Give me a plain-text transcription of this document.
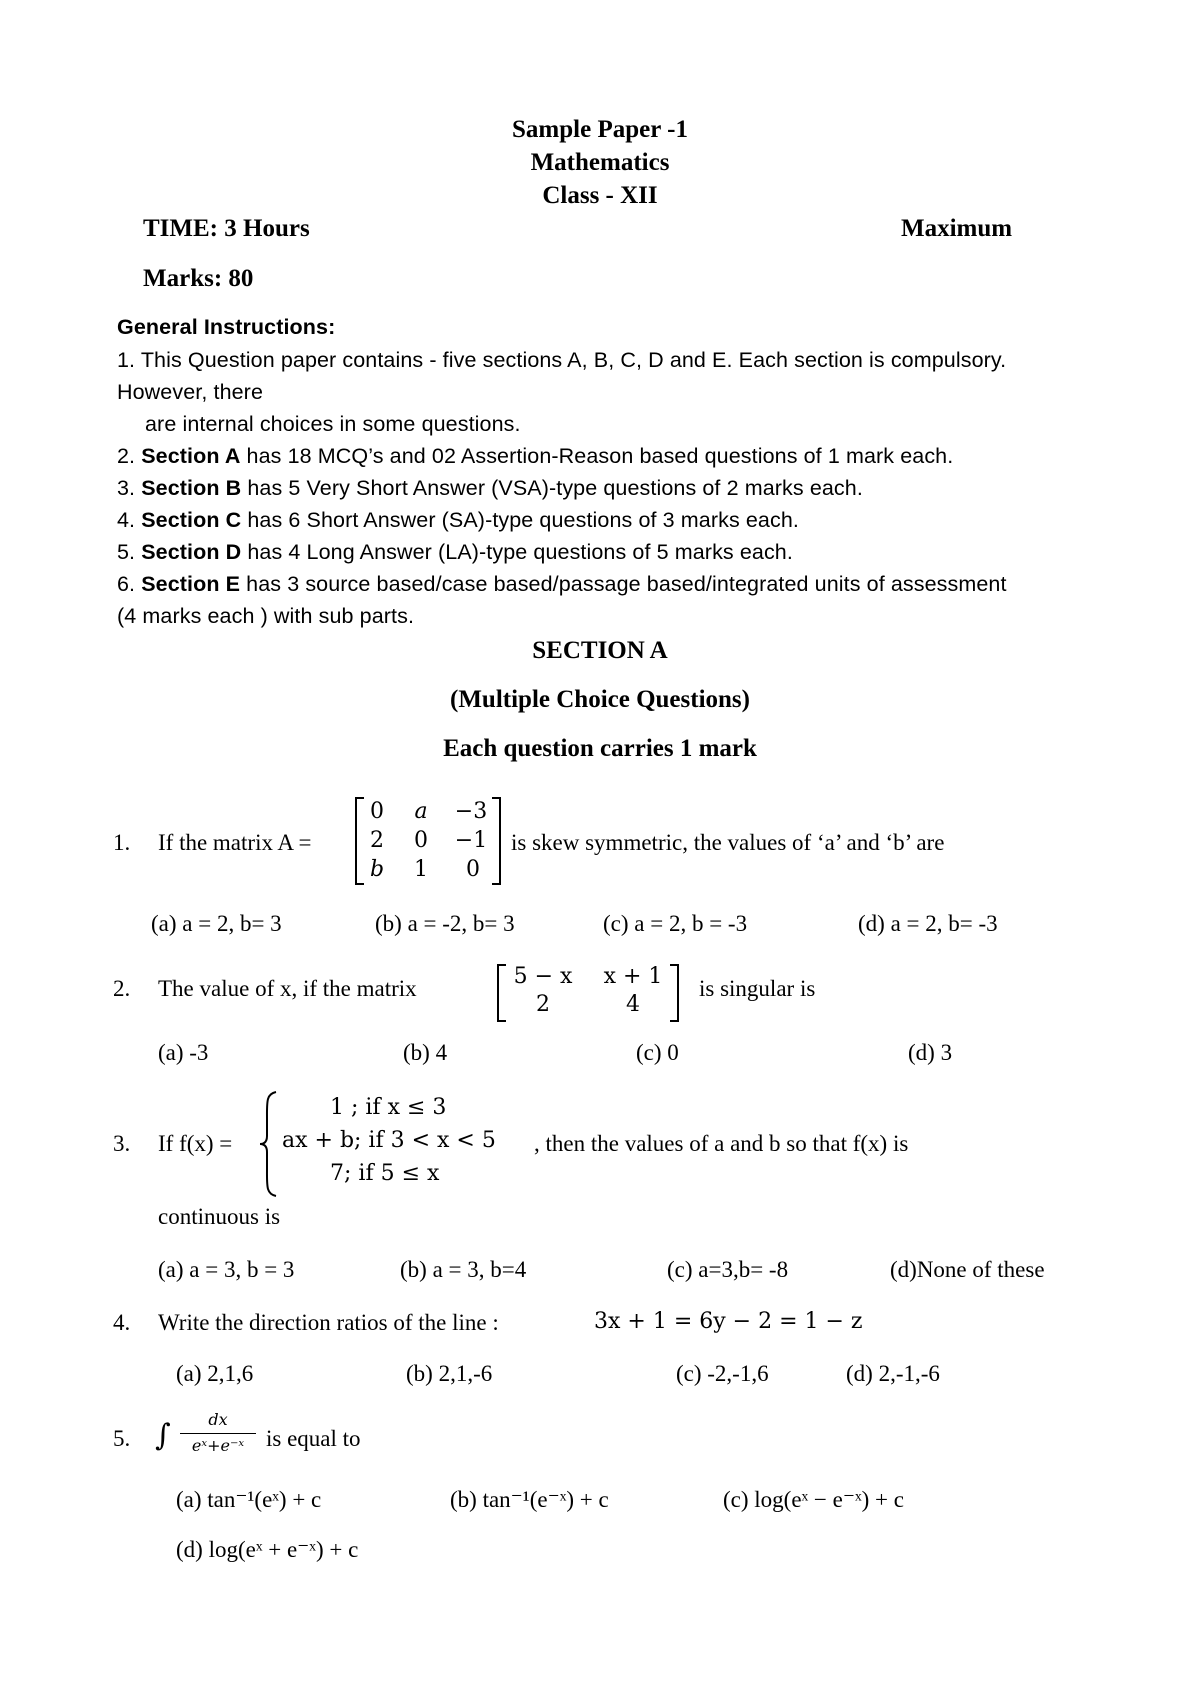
Sample Paper -1
Mathematics
Class - XII
TIME: 3 Hours	Maximum
Marks: 80
General Instructions:
1. This Question paper contains - five sections A, B, C, D and E. Each section is compulsory.
However, there
are internal choices in some questions.
2. Section A has 18 MCQ’s and 02 Assertion-Reason based questions of 1 mark each.
3. Section B has 5 Very Short Answer (VSA)-type questions of 2 marks each.
4. Section C has 6 Short Answer (SA)-type questions of 3 marks each.
5. Section D has 4 Long Answer (LA)-type questions of 5 marks each.
6. Section E has 3 source based/case based/passage based/integrated units of assessment
(4 marks each ) with sub parts.
SECTION A
(Multiple Choice Questions)
Each question carries 1 mark
1. If the matrix A =
0	a	−3
2	0	−1
b	1	0
is skew symmetric, the values of ‘a’ and ‘b’ are
(a) a = 2, b= 3	(b) a = -2, b= 3	(c) a = 2, b = -3	(d) a = 2, b= -3
2. The value of x, if the matrix	5 − x	x + 1
2	4
is singular is
(a) -3	(b) 4	(c) 0	(d) 3
3. If f(x) =
1 ; if x ≤ 3
ax + b; if 3 < x < 5
7; if 5 ≤ x
, then the values of a and b so that f(x) is
continuous is
(a) a = 3, b = 3	(b) a = 3, b=4	(c) a=3,b= -8	(d)None of these
4. Write the direction ratios of the line :	3x + 1 = 6y − 2 = 1 − z
(a) 2,1,6	(b) 2,1,-6	(c) -2,-1,6	(d) 2,-1,-6
5. ∫	dx
eˣ+e⁻ˣ is equal to
(a) tan⁻¹(eˣ) + c	(b) tan⁻¹(e⁻ˣ) + c	(c) log(eˣ − e⁻ˣ) + c
(d) log(eˣ + e⁻ˣ) + c
